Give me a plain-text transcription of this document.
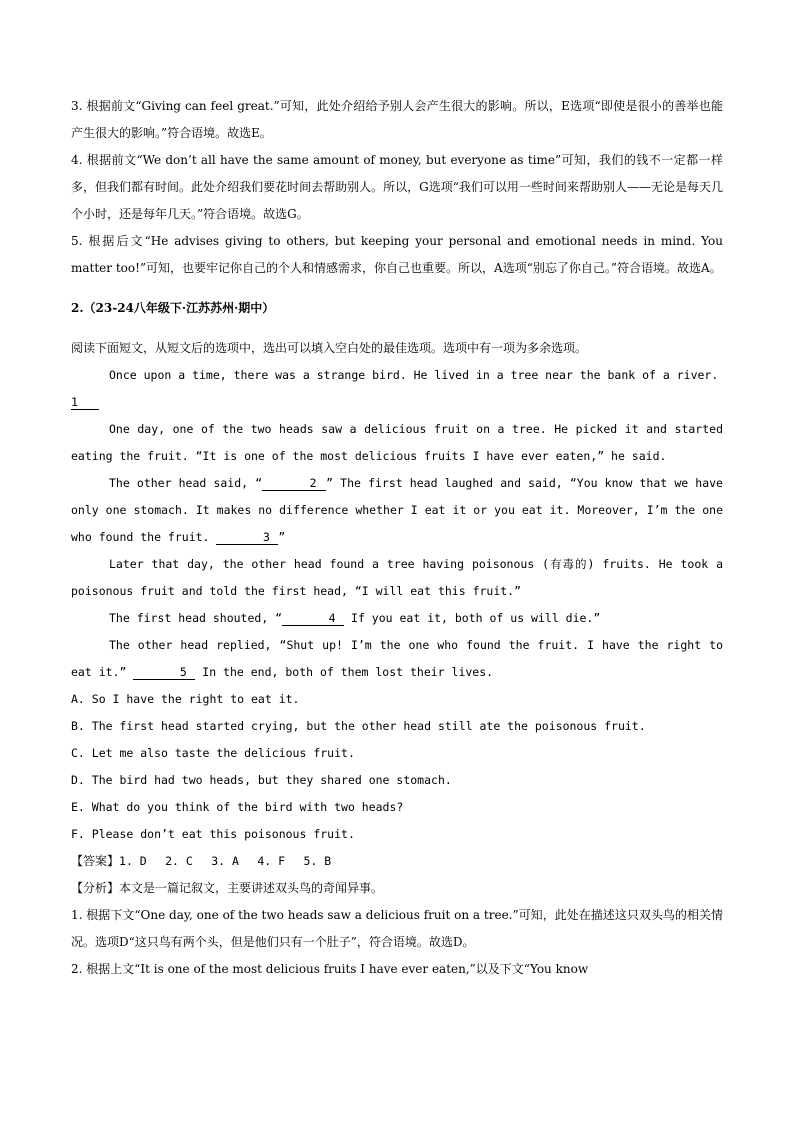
3. 根据前文“Giving can feel great.”可知，此处介绍给予别人会产生很大的影响。所以，E选项“即使是很小的善举也能产生很大的影响。”符合语境。故选E。

4. 根据前文“We don’t all have the same amount of money, but everyone as time”可知，我们的钱不一定都一样多，但我们都有时间。此处介绍我们要花时间去帮助别人。所以，G选项“我们可以用一些时间来帮助别人——无论是每天几个小时，还是每年几天。”符合语境。故选G。

5. 根据后文“He advises giving to others, but keeping your personal and emotional needs in mind. You matter too!”可知，也要牢记你自己的个人和情感需求，你自己也重要。所以，A选项“别忘了你自己。”符合语境。故选A。

2.（23-24八年级下·江苏苏州·期中）

阅读下面短文，从短文后的选项中，选出可以填入空白处的最佳选项。选项中有一项为多余选项。

Once upon a time, there was a strange bird. He lived in a tree near the bank of a river.

1

One day, one of the two heads saw a delicious fruit on a tree. He picked it and started eating the fruit. “It is one of the most delicious fruits I have ever eaten,” he said.

The other head said, “	2 ” The first head laughed and said, “You know that we have only one stomach. It makes no difference whether I eat it or you eat it. Moreover, I’m the one who found the fruit.	3 ”

Later that day, the other head found a tree having poisonous (有毒的) fruits. He took a poisonous fruit and told the first head, “I will eat this fruit.”

The first head shouted, “	4 If you eat it, both of us will die.”

The other head replied, “Shut up! I’m the one who found the fruit. I have the right to eat it.”	5 In the end, both of them lost their lives.

A. So I have the right to eat it.

B. The first head started crying, but the other head still ate the poisonous fruit.

C. Let me also taste the delicious fruit.

D. The bird had two heads, but they shared one stomach.

E. What do you think of the bird with two heads?

F. Please don’t eat this poisonous fruit.

【答案】1. D　 2. C　 3. A　 4. F　 5. B

【分析】本文是一篇记叙文，主要讲述双头鸟的奇闻异事。

1. 根据下文“One day, one of the two heads saw a delicious fruit on a tree.”可知，此处在描述这只双头鸟的相关情况。选项D“这只鸟有两个头，但是他们只有一个肚子”，符合语境。故选D。

2. 根据上文“It is one of the most delicious fruits I have ever eaten,”以及下文“You know
